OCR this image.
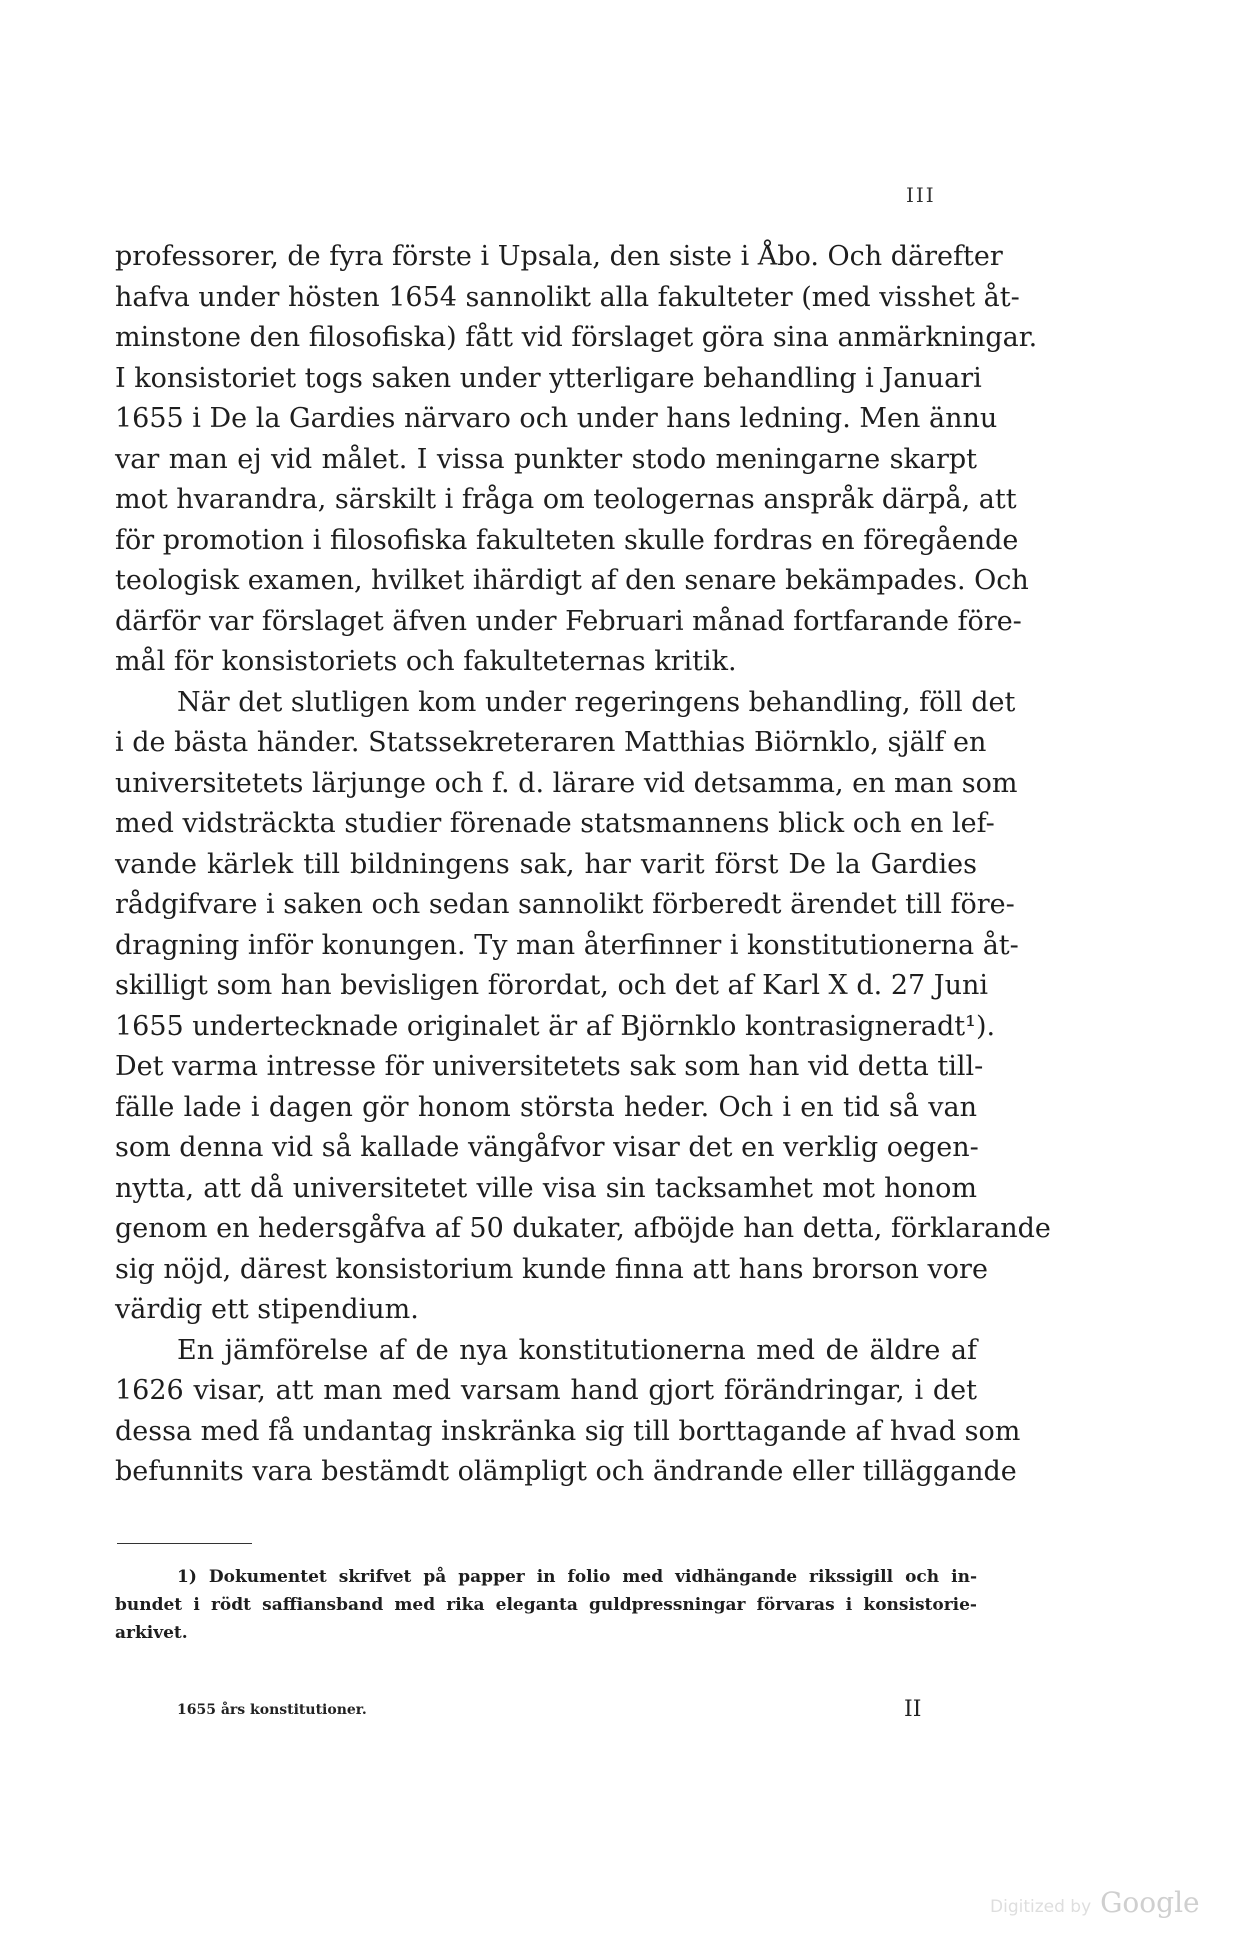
III
professorer, de fyra förste i Upsala, den siste i Åbo. Och därefter
hafva under hösten 1654 sannolikt alla fakulteter (med visshet åt-
minstone den filosofiska) fått vid förslaget göra sina anmärkningar.
I konsistoriet togs saken under ytterligare behandling i Januari
1655 i De la Gardies närvaro och under hans ledning. Men ännu
var man ej vid målet. I vissa punkter stodo meningarne skarpt
mot hvarandra, särskilt i fråga om teologernas anspråk därpå, att
för promotion i filosofiska fakulteten skulle fordras en föregående
teologisk examen, hvilket ihärdigt af den senare bekämpades. Och
därför var förslaget äfven under Februari månad fortfarande före-
mål för konsistoriets och fakulteternas kritik.
När det slutligen kom under regeringens behandling, föll det
i de bästa händer. Statssekreteraren Matthias Biörnklo, själf en
universitetets lärjunge och f. d. lärare vid detsamma, en man som
med vidsträckta studier förenade statsmannens blick och en lef-
vande kärlek till bildningens sak, har varit först De la Gardies
rådgifvare i saken och sedan sannolikt förberedt ärendet till före-
dragning inför konungen. Ty man återfinner i konstitutionerna åt-
skilligt som han bevisligen förordat, och det af Karl X d. 27 Juni
1655 undertecknade originalet är af Björnklo kontrasigneradt¹).
Det varma intresse för universitetets sak som han vid detta till-
fälle lade i dagen gör honom största heder. Och i en tid så van
som denna vid så kallade vängåfvor visar det en verklig oegen-
nytta, att då universitetet ville visa sin tacksamhet mot honom
genom en hedersgåfva af 50 dukater, afböjde han detta, förklarande
sig nöjd, därest konsistorium kunde finna att hans brorson vore
värdig ett stipendium.
En jämförelse af de nya konstitutionerna med de äldre af
1626 visar, att man med varsam hand gjort förändringar, i det
dessa med få undantag inskränka sig till borttagande af hvad som
befunnits vara bestämdt olämpligt och ändrande eller tilläggande
1) Dokumentet skrifvet på papper in folio med vidhängande rikssigill och in-
bundet i rödt saffiansband med rika eleganta guldpressningar förvaras i konsistorie-
arkivet.
1655 års konstitutioner.	II
Digitized by Google
